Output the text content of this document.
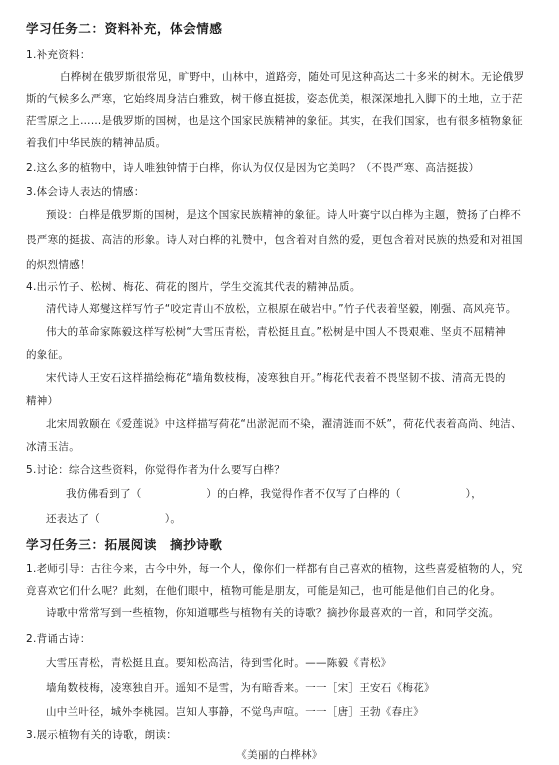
学习任务二：资料补充，体会情感
1.补充资料：
白桦树在俄罗斯很常见，旷野中，山林中，道路旁，随处可见这种高达二十多米的树木。无论俄罗
斯的气候多么严寒，它始终周身洁白雅致，树干修直挺拔，姿态优美，根深深地扎入脚下的土地，立于茫
茫雪原之上……是俄罗斯的国树，也是这个国家民族精神的象征。其实，在我们国家，也有很多植物象征
着我们中华民族的精神品质。
2.这么多的植物中，诗人唯独钟情于白桦，你认为仅仅是因为它美吗？（不畏严寒、高洁挺拔）
3.体会诗人表达的情感：
预设：白桦是俄罗斯的国树，是这个国家民族精神的象征。诗人叶赛宁以白桦为主题，赞扬了白桦不
畏严寒的挺拔、高洁的形象。诗人对白桦的礼赞中，包含着对自然的爱，更包含着对民族的热爱和对祖国
的炽烈情感！
4.出示竹子、松树、梅花、荷花的图片，学生交流其代表的精神品质。
清代诗人郑燮这样写竹子“咬定青山不放松，立根原在破岩中。”竹子代表着坚毅，刚强、高风亮节。
伟大的革命家陈毅这样写松树“大雪压青松，青松挺且直。”松树是中国人不畏艰难、坚贞不屈精神
的象征。
宋代诗人王安石这样描绘梅花“墙角数枝梅，凌寒独自开。”梅花代表着不畏坚韧不拔、清高无畏的
精神）
北宋周敦颐在《爱莲说》中这样描写荷花“出淤泥而不染，濯清涟而不妖”，荷花代表着高尚、纯洁、
冰清玉洁。
5.讨论：综合这些资料，你觉得作者为什么要写白桦？
我仿佛看到了（　　　　　　	）的白桦，我觉得作者不仅写了白桦的（　　　　　　	），
还表达了（　　　　　　	）。
学习任务三：拓展阅读　摘抄诗歌
1.老师引导：古往今来，古今中外，每一个人，像你们一样都有自己喜欢的植物，这些喜爱植物的人，究
竟喜欢它们什么呢？此刻，在他们眼中，植物可能是朋友，可能是知己，也可能是他们自己的化身。
诗歌中常常写到一些植物，你知道哪些与植物有关的诗歌？摘抄你最喜欢的一首，和同学交流。
2.背诵古诗：
大雪压青松，青松挺且直。要知松高洁，待到雪化时。——陈毅《青松》
墙角数枝梅，凌寒独自开。遥知不是雪，为有暗香来。一一［宋］王安石《梅花》
山中兰叶径，城外李桃园。岂知人事静，不觉鸟声喧。一一［唐］王勃《春庄》
3.展示植物有关的诗歌，朗读：
《美丽的白桦林》
